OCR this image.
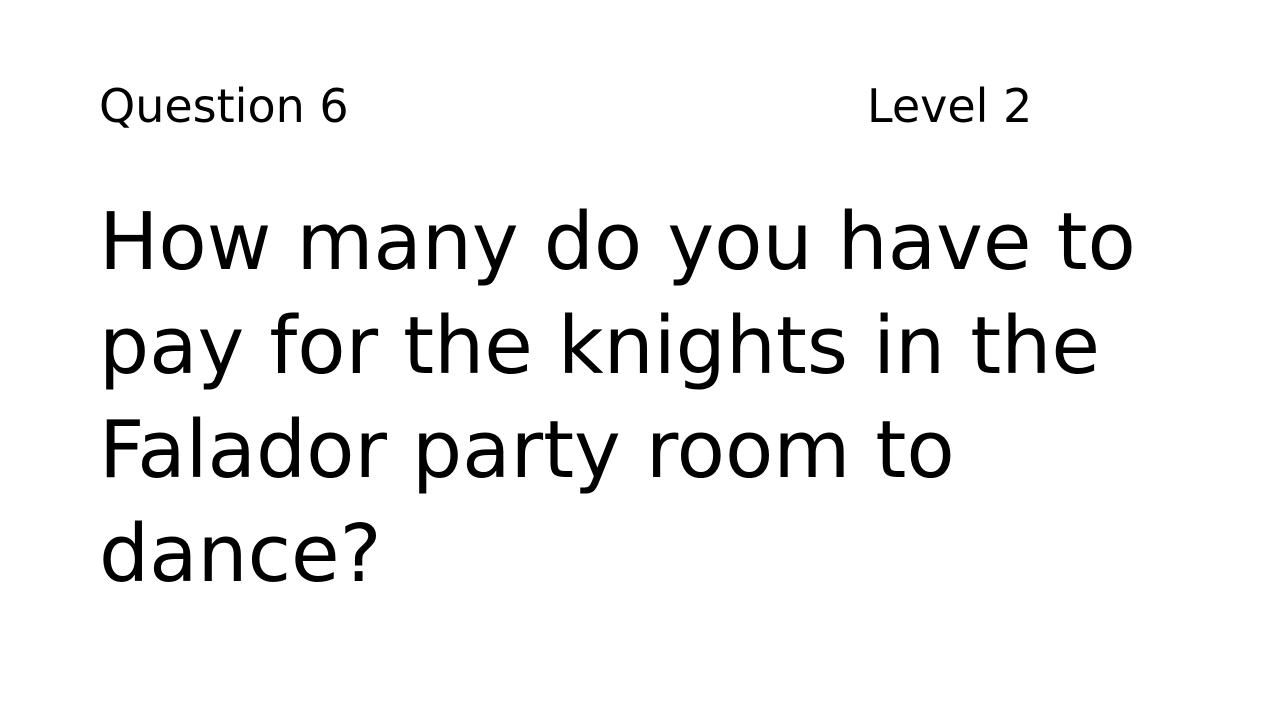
Question 6	Level 2
How many do you have to
pay for the knights in the
Falador party room to
dance?
